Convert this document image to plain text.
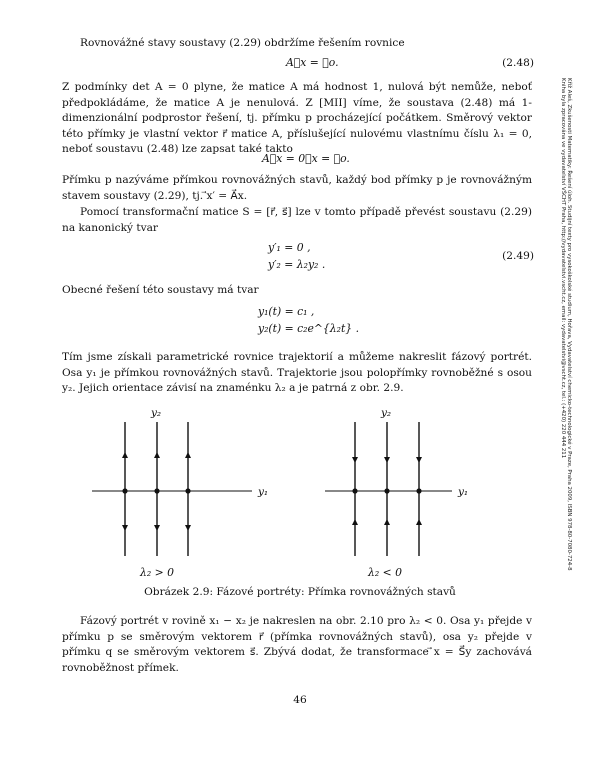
Rovnovážné stavy soustavy (2.29) obdržíme řešením rovnice

A⃗x = ⃗o.	(2.48)

Z podmínky det A = 0 plyne, že matice A má hodnost 1, nulová být nemůže, neboť předpokládáme, že matice A je nenulová. Z [MII] víme, že soustava (2.48) má 1-dimenzionální podprostor řešení, tj. přímku p procházející počátkem. Směrový vektor této přímky je vlastní vektor r⃗ matice A, příslušející nulovému vlastnímu číslu λ₁ = 0, neboť soustavu (2.48) lze zapsat také takto

A⃗x = 0⃗x = ⃗o.

Přímku p nazýváme přímkou rovnovážných stavů, každý bod přímky p je rovnovážným stavem soustavy (2.29), tj. ⃗x′ = A⃗x.

Pomocí transformační matice S = [r⃗, s⃗] lze v tomto případě převést soustavu (2.29) na kanonický tvar

y′₁ = 0 ,
y′₂ = λ₂y₂ .
(2.49)

Obecné řešení této soustavy má tvar

y₁(t) = c₁ ,
y₂(t) = c₂e^{λ₂t} .

Tím jsme získali parametrické rovnice trajektorií a můžeme nakreslit fázový portrét. Osa y₁ je přímkou rovnovážných stavů. Trajektorie jsou polopřímky rovnoběžné s osou y₂. Jejich orientace závisí na znaménku λ₂ a je patrná z obr. 2.9.

y₂
y₁
y₂
y₁
λ₂ > 0	λ₂ < 0
Obrázek 2.9: Fázové portréty: Přímka rovnovážných stavů

Fázový portrét v rovině x₁ − x₂ je nakreslen na obr. 2.10 pro λ₂ < 0. Osa y₁ přejde v přímku p se směrovým vektorem r⃗ (přímka rovnovážných stavů), osa y₂ přejde v přímku q se směrovým vektorem s⃗. Zbývá dodat, že transformace ⃗x = S⃗y zachovává rovnoběžnost přímek.

46
Kříž Aleš, Zkušenosti Matematiky: Řešení úloh. Studijní texty pro vysokoškolské studium, Hořava, Vydavatelství chemicko-technologické v Praze, Praha 2009, ISBN 978-80-7080-724-8
Kniha byla zpracována ve vydavatelství VŠCHT Praha, http://vydavatelstvi.vscht.cz, email: vydavatelstvi@vscht.cz, tel.: (+420) 220 444 211
